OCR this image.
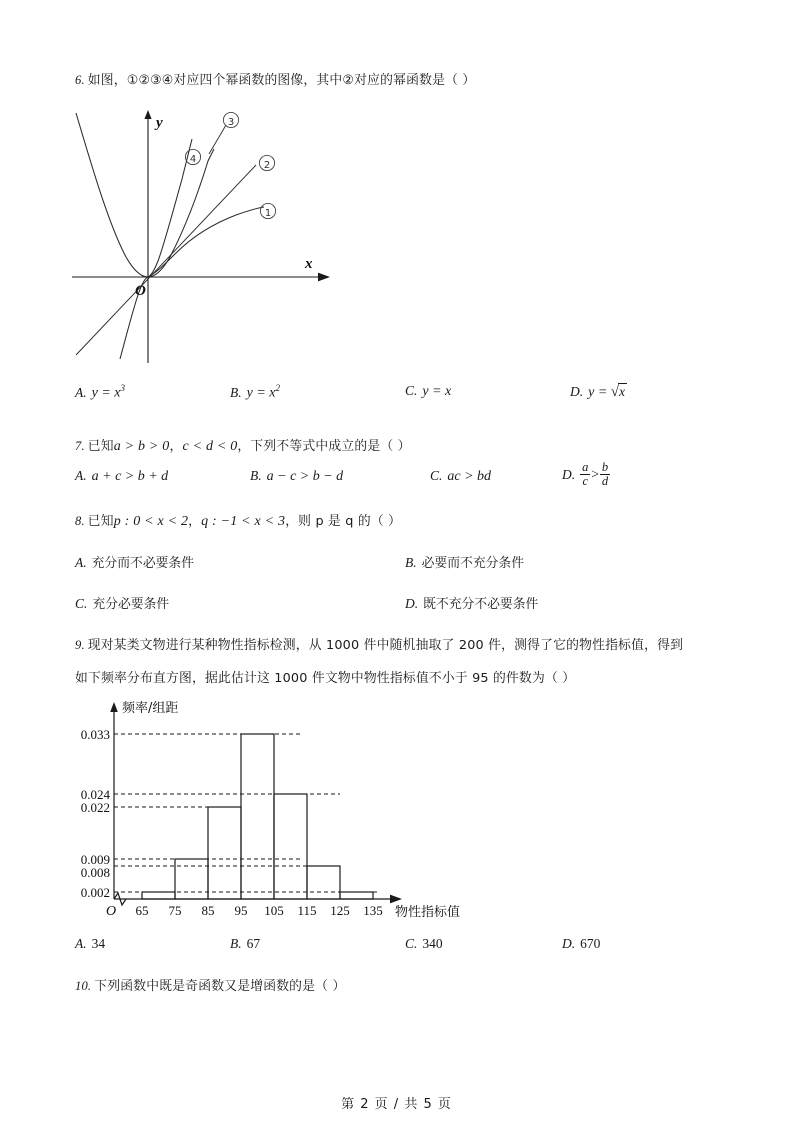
6. 如图，①②③④对应四个幂函数的图像，其中②对应的幂函数是（ ）
y
x
O
1
2
3
4
A. $y = x^3$	B. $y = x^2$	C. y = x	D. y = √x
7. 已知a > b > 0，c < d < 0，下列不等式中成立的是（ ）
A. a + c > b + d	B. a − c > b − d	C. ac > bd	D. $\frac{a}{c} > \frac{b}{d}$
8. 已知p : 0 < x < 2，q : −1 < x < 3，则 p 是 q 的（ ）
A. 充分而不必要条件	B. 必要而不充分条件
C. 充分必要条件	D. 既不充分不必要条件
9. 现对某类文物进行某种物性指标检测，从 1000 件中随机抽取了 200 件，测得了它的物性指标值，得到
如下频率分布直方图，据此估计这 1000 件文物中物性指标值不小于 95 的件数为（ ）
0.033
0.024
0.022
0.009
0.008
0.002
65 75 85 95 105 115 125 135
O
频率/组距
物性指标值
A. 34	B. 67	C. 340	D. 670
10. 下列函数中既是奇函数又是增函数的是（ ）
第 2 页 / 共 5 页
